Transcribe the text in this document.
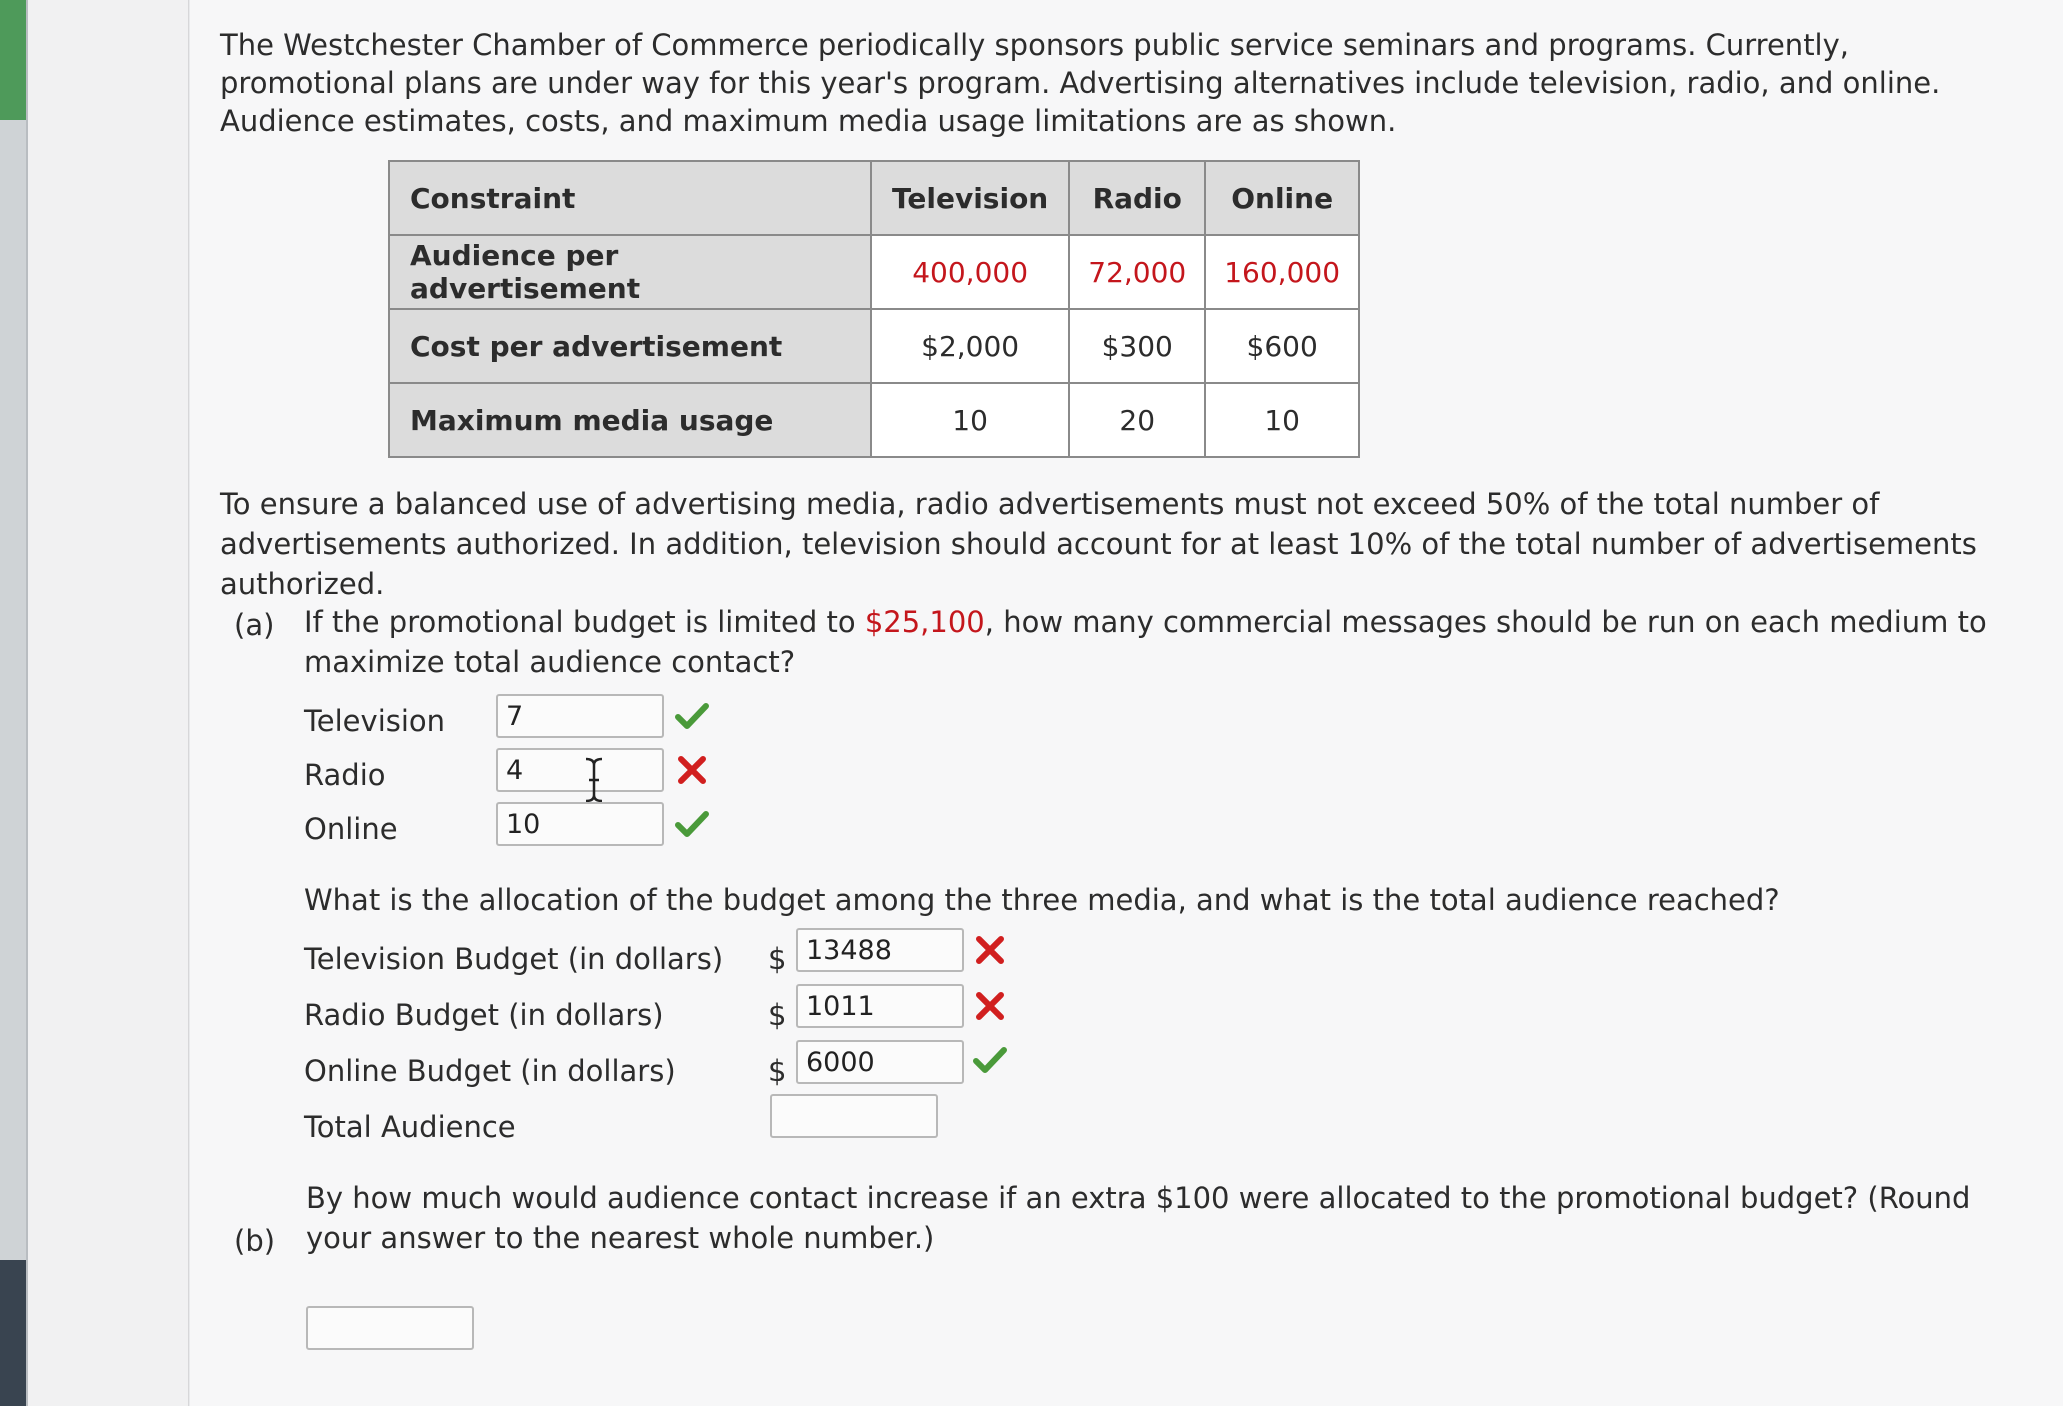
The Westchester Chamber of Commerce periodically sponsors public service seminars and programs. Currently, promotional plans are under way for this year's program. Advertising alternatives include television, radio, and online. Audience estimates, costs, and maximum media usage limitations are as shown.

Constraint	Television	Radio	Online
Audience per advertisement	400,000	72,000	160,000
Cost per advertisement	$2,000	$300	$600
Maximum media usage	10	20	10

To ensure a balanced use of advertising media, radio advertisements must not exceed 50% of the total number of advertisements authorized. In addition, television should account for at least 10% of the total number of advertisements authorized.

(a) If the promotional budget is limited to $25,100, how many commercial messages should be run on each medium to maximize total audience contact?

Television
7
Radio
4
Online
10

What is the allocation of the budget among the three media, and what is the total audience reached?

Television Budget (in dollars) $
13488
Radio Budget (in dollars)	$
1011
Online Budget (in dollars)	$
6000
Total Audience
(b)

By how much would audience contact increase if an extra $100 were allocated to the promotional budget? (Round your answer to the nearest whole number.)
